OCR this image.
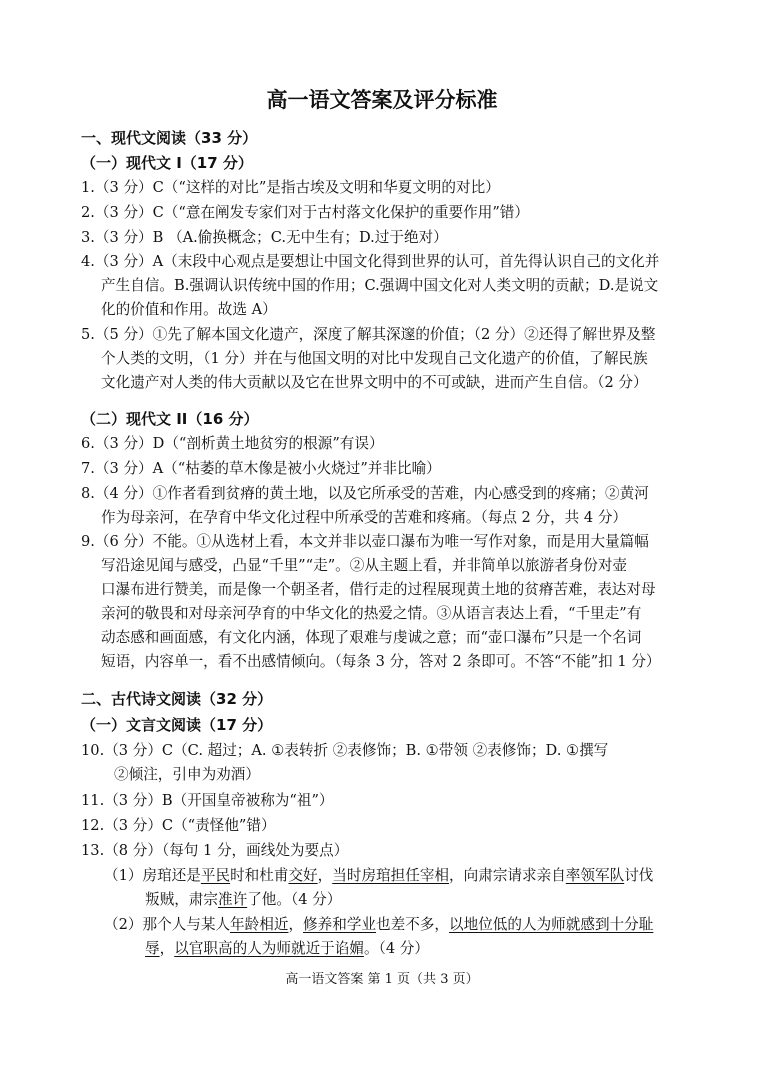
高一语文答案及评分标准
一、现代文阅读（33 分）
（一）现代文 I（17 分）
1.（3 分）C（“这样的对比”是指古埃及文明和华夏文明的对比）
2.（3 分）C（“意在阐发专家们对于古村落文化保护的重要作用”错）
3.（3 分）B （A.偷换概念；C.无中生有；D.过于绝对）
4.（3 分）A（末段中心观点是要想让中国文化得到世界的认可，首先得认识自己的文化并
产生自信。B.强调认识传统中国的作用；C.强调中国文化对人类文明的贡献；D.是说文
化的价值和作用。故选 A）
5.（5 分）①先了解本国文化遗产，深度了解其深邃的价值；（2 分）②还得了解世界及整
个人类的文明，（1 分）并在与他国文明的对比中发现自己文化遗产的价值，了解民族
文化遗产对人类的伟大贡献以及它在世界文明中的不可或缺，进而产生自信。（2 分）
（二）现代文 II（16 分）
6.（3 分）D（“剖析黄土地贫穷的根源”有误）
7.（3 分）A（“枯萎的草木像是被小火烧过”并非比喻）
8.（4 分）①作者看到贫瘠的黄土地，以及它所承受的苦难，内心感受到的疼痛；②黄河
作为母亲河，在孕育中华文化过程中所承受的苦难和疼痛。（每点 2 分，共 4 分）
9.（6 分）不能。①从选材上看，本文并非以壶口瀑布为唯一写作对象，而是用大量篇幅
写沿途见闻与感受，凸显“千里”“走”。②从主题上看，并非简单以旅游者身份对壶
口瀑布进行赞美，而是像一个朝圣者，借行走的过程展现黄土地的贫瘠苦难，表达对母
亲河的敬畏和对母亲河孕育的中华文化的热爱之情。③从语言表达上看，“千里走”有
动态感和画面感，有文化内涵，体现了艰难与虔诚之意；而“壶口瀑布”只是一个名词
短语，内容单一，看不出感情倾向。（每条 3 分，答对 2 条即可。不答“不能”扣 1 分）
二、古代诗文阅读（32 分）
（一）文言文阅读（17 分）
10.（3 分）C（C. 超过；A. ①表转折 ②表修饰；B. ①带领 ②表修饰；D. ①撰写
②倾注，引申为劝酒）
11.（3 分）B（开国皇帝被称为“祖”）
12.（3 分）C（“责怪他”错）
13.（8 分）（每句 1 分，画线处为要点）
（1）房琯还是平民时和杜甫交好，当时房琯担任宰相，向肃宗请求亲自率领军队讨伐
叛贼，肃宗准许了他。（4 分）
（2）那个人与某人年龄相近，修养和学业也差不多，以地位低的人为师就感到十分耻
辱，以官职高的人为师就近于谄媚。（4 分）
高一语文答案 第 1 页（共 3 页）
